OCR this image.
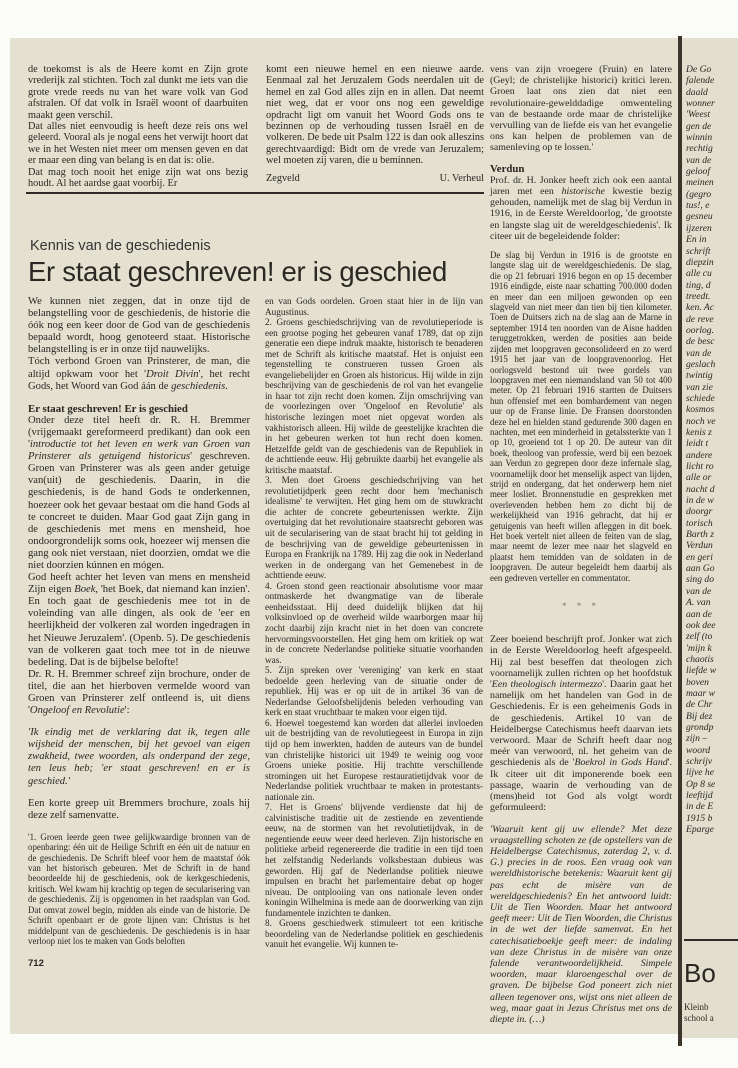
de toekomst is als de Heere komt en Zijn grote vrederijk zal stichten. Toch zal dunkt me iets van die grote vrede reeds nu van het ware volk van God afstralen. Of dat volk in Israël woont of daarbuiten maakt geen verschil.

Dat alles niet eenvoudig is heeft deze reis ons wel geleerd. Vooral als je nogal eens het verwijt hoort dat we in het Westen niet meer om mensen geven en dat er maar een ding van belang is en dat is: olie.

Dat mag toch nooit het enige zijn wat ons bezig houdt. Al het aardse gaat voorbij. Er

komt een nieuwe hemel en een nieuwe aarde. Eenmaal zal het Jeruzalem Gods neerdalen uit de hemel en zal God alles zijn en in allen. Dat neemt niet weg, dat er voor ons nog een geweldige opdracht ligt om vanuit het Woord Gods ons te bezinnen op de verhouding tussen Israël en de volkeren. De bede uit Psalm 122 is dan ook alleszins gerechtvaardigd: Bidt om de vrede van Jeruzalem; wel moeten zij varen, die u beminnen.

Zegveld	U. Verheul
Kennis van de geschiedenis
Er staat geschreven! er is geschied

We kunnen niet zeggen, dat in onze tijd de belangstelling voor de geschiedenis, de historie die óók nog een keer door de God van de geschiedenis bepaald wordt, hoog genoteerd staat. Historische belangstelling is er in onze tijd nauwelijks.

Tóch verbond Groen van Prinsterer, de man, die altijd opkwam voor het 'Droit Divin', het recht Gods, het Woord van God áán de geschiedenis.

Er staat geschreven! Er is geschied

Onder deze titel heeft dr. R. H. Bremmer (vrijgemaakt gereformeerd predikant) dan ook een 'introductie tot het leven en werk van Groen van Prinsterer als getuigend historicus' geschreven. Groen van Prinsterer was als geen ander getuige van(uit) de geschiedenis. Daarin, in die geschiedenis, is de hand Gods te onderkennen, hoezeer ook het gevaar bestaat om die hand Gods al te concreet te duiden. Maar God gaat Zijn gang in de geschiedenis met mens en mensheid, hoe ondoorgrondelijk soms ook, hoezeer wij mensen die gang ook niet verstaan, niet doorzien, omdat we die niet doorzien kúnnen en mógen.

God heeft achter het leven van mens en mensheid Zijn eigen Boek, 'het Boek, dat niemand kan inzien'. En toch gaat de geschiedenis mee tot in de voleinding van alle dingen, als ook de 'eer en heerlijkheid der volkeren zal worden ingedragen in het Nieuwe Jeruzalem'. (Openb. 5). De geschiedenis van de volkeren gaat toch mee tot in de nieuwe bedeling. Dat is de bijbelse belofte!

Dr. R. H. Bremmer schreef zijn brochure, onder de titel, die aan het hierboven vermelde woord van Groen van Prinsterer zelf ontleend is, uit diens 'Ongeloof en Revolutie':

'Ik eindig met de verklaring dat ik, tegen alle wijsheid der menschen, bij het gevoel van eigen zwakheid, twee woorden, als onderpand der zege, ten leus heb; 'er staat geschreven! en er is geschied.'

Een korte greep uit Bremmers brochure, zoals hij deze zelf samenvatte.

'1. Groen leerde geen twee gelijkwaardige bronnen van de openbaring: één uit de Heilige Schrift en één uit de natuur en de geschiedenis. De Schrift bleef voor hem de maatstaf óók van het historisch gebeuren. Met de Schrift in de hand beoordeelde hij de geschiedenis, ook de kerkgeschiedenis, kritisch. Wel kwam hij krachtig op tegen de secularisering van de geschiedenis. Zij is opgenomen in het raadsplan van God. Dat omvat zowel begin, midden als einde van de historie. De Schrift openbaart er de grote lijnen van: Christus is het middelpunt van de geschiedenis. De geschiedenis is in haar verloop niet los te maken van Gods beloften

712

en van Gods oordelen. Groen staat hier in de lijn van Augustinus.

2. Groens geschiedschrijving van de revolutieperiode is een grootse poging het gebeuren vanaf 1789, dat op zijn generatie een diepe indruk maakte, historisch te benaderen met de Schrift als kritische maatstaf. Het is onjuist een tegenstelling te construeren tussen Groen als evangeliebelijder en Groen als historicus. Hij wilde in zijn beschrijving van de geschiedenis de rol van het evangelie in haar tot zijn recht doen komen. Zijn omschrijving van de voorlezingen over 'Ongeloof en Revolutie' als historische lezingen moet niet opgevat worden als vakhistorisch alleen. Hij wilde de geestelijke krachten die in het gebeuren werken tot hun recht doen komen. Hetzelfde geldt van de geschiedenis van de Republiek in de achttiende eeuw. Hij gebruikte daarbij het evangelie als kritische maatstaf.

3. Men doet Groens geschiedschrijving van het revolutietijdperk geen recht door hem 'mechanisch idealisme' te verwijten. Het ging hem om de stuwkracht die achter de concrete gebeurtenissen werkte. Zijn overtuiging dat het revolutionaire staatsrecht geboren was uit de secularisering van de staat bracht hij tot gelding in de beschrijving van de geweldige gebeurtenissen in Europa en Frankrijk na 1789. Hij zag die ook in Nederland werken in de ondergang van het Gemenebest in de achttiende eeuw.

4. Groen stond geen reactionair absolutisme voor maar ontmaskerde het dwangmatige van de liberale eenheidsstaat. Hij deed duidelijk blijken dat hij volksinvloed op de overheid wilde waarborgen maar hij zocht daarbij zijn kracht niet in het doen van concrete hervormingsvoorstellen. Het ging hem om kritiek op wat in de concrete Nederlandse politieke situatie voorhanden was.

5. Zijn spreken over 'vereniging' van kerk en staat bedoelde geen herleving van de situatie onder de republiek. Hij was er op uit de in artikel 36 van de Nederlandse Geloofsbelijdenis beleden verhouding van kerk en staat vruchtbaar te maken voor eigen tijd.

6. Hoewel toegestemd kan worden dat allerlei invloeden uit de bestrijding van de revolutiegeest in Europa in zijn tijd op hem inwerkten, hadden de auteurs van de bundel van christelijke historici uit 1949 te weinig oog voor Groens unieke positie. Hij trachtte verschillende stromingen uit het Europese restauratietijdvak voor de Nederlandse politiek vruchtbaar te maken in protestants-nationale zin.

7. Het is Groens' blijvende verdienste dat hij de calvinistische traditie uit de zestiende en zeventiende eeuw, na de stormen van het revolutietijdvak, in de negentiende eeuw weer deed herleven. Zijn historische en politieke arbeid regenereerde die traditie in een tijd toen het zelfstandig Nederlands volksbestaan dubieus was geworden. Hij gaf de Nederlandse politiek nieuwe impulsen en bracht het parlementaire debat op hoger niveau. De ontplooiing van ons nationale leven onder koningin Wilhelmina is mede aan de doorwerking van zijn fundamentele inzichten te danken.

8. Groens geschiedwerk stimuleert tot een kritische beoordeling van de Nederlandse politiek en geschiedenis vanuit het evangelie. Wij kunnen te-

vens van zijn vroegere (Fruin) en latere (Geyl; de christelijke historici) kritici leren. Groen laat ons zien dat niet een revolutionaire-gewelddadige omwenteling van de bestaande orde maar de christelijke vervulling van de liefde eis van het evangelie ons kan helpen de problemen van de samenleving op te lossen.'

Verdun

Prof. dr. H. Jonker heeft zich ook een aantal jaren met een historische kwestie bezig gehouden, namelijk met de slag bij Verdun in 1916, in de Eerste Wereldoorlog, 'de grootste en langste slag uit de wereldgeschiedenis'. Ik citeer uit de begeleidende folder:

De slag bij Verdun in 1916 is de grootste en langste slag uit de wereldgeschiedenis. De slag, die op 21 februari 1916 begon en op 15 december 1916 eindigde, eiste naar schatting 700.000 doden en meer dan een miljoen gewonden op een slagveld van niet meer dan tien bij tien kilometer. Toen de Duitsers zich na de slag aan de Marne in september 1914 ten noorden van de Aisne hadden teruggetrokken, werden de posities aan beide zijden met loopgraven geconsolideerd en zo werd 1915 het jaar van de loopgravenoorlog. Het oorlogsveld bestond uit twee gordels van loopgraven met een niemandsland van 50 tot 400 meter. Op 21 februari 1916 startten de Duitsers hun offensief met een bombardement van negen uur op de Franse linie. De Fransen doorstonden deze hel en hielden stand gedurende 300 dagen en nachten, met een minderheid in getalssterkte van 1 op 10, groeiend tot 1 op 20. De auteur van dit boek, theoloog van professie, werd bij een bezoek aan Verdun zo gegrepen door deze infernale slag, voornamelijk door het menselijk aspect van lijden, strijd en ondergang, dat het onderwerp hem niet meer losliet. Bronnenstudie en gesprekken met overlevenden hebben hem zo dicht bij de werkelijkheid van 1916 gebracht, dat hij er getuigenis van heeft willen afleggen in dit boek. Het boek vertelt niet alleen de feiten van de slag, maar neemt de lezer mee naar het slagveld en plaatst hem temidden van de soldaten in de loopgraven. De auteur begeleidt hem daarbij als een gedreven verteller en commentator.

* * *

Zeer boeiend beschrijft prof. Jonker wat zich in de Eerste Wereldoorlog heeft afgespeeld. Hij zal best beseffen dat theologen zich voornamelijk zullen richten op het hoofdstuk 'Een theologisch intermezzo'. Daarin gaat het namelijk om het handelen van God in de Geschiedenis. Er is een geheimenis Gods in de geschiedenis. Artikel 10 van de Heidelbergse Catechismus heeft daarvan iets verwoord. Maar de Schrift heeft daar nog meér van verwoord, nl. het geheim van de geschiedenis als de 'Boekrol in Gods Hand'. Ik citeer uit dit imponerende boek een passage, waarin de verhouding van de (mens)heid tot God als volgt wordt geformuleerd:

'Waaruit kent gij uw ellende? Met deze vraagstelling schoten ze (de opstellers van de Heidelbergse Catechismus, zaterdag 2, v. d. G.) precies in de roos. Een vraag ook van wereldhistorische betekenis: Waaruit kent gij pas echt de misère van de wereldgeschiedenis? En het antwoord luidt: Uit de Tien Woorden. Maar het antwoord geeft meer: Uit de Tien Woorden, die Christus in de wet der liefde samenvat. En het catechisatieboekje geeft meer: de indaling van deze Christus in de misère van onze falende verantwoordelijkheid. Simpele woorden, maar klaroengeschal over de graven. De bijbelse God poneert zich niet alleen tegenover ons, wijst ons niet alleen de weg, maar gaat in Jezus Christus met ons de diepte in. (…)

De Go
falende
daald
wonner
'Weest
gen de
winnin
rechtig
van de
geloof
meinen
(gegro
tus!, e
gesneu
ijzeren
En in
schrift
diepzin
alle cu
ting, d
treedt.
ken. Ac
de reve
oorlog.
de besc
van de
geslach
twintig
van zie
schiede
kosmos
noch ve
kenis z
leidt t
andere
licht ro
alle or
nacht d
in de w
doorgr
torisch
Barth z
Verdun
en geri
aan Go
sing do
van de
A. van
aan de
ook dee
zelf (to
'mijn k
chaotis
liefde w
boven
maar w
de Chr
Bij dez
grondp
zijn –
woord
schrijv
lijve he
Op 8 se
leeftijd
in de E
1915 b
Eparge
Bo
Kleinb
school a
